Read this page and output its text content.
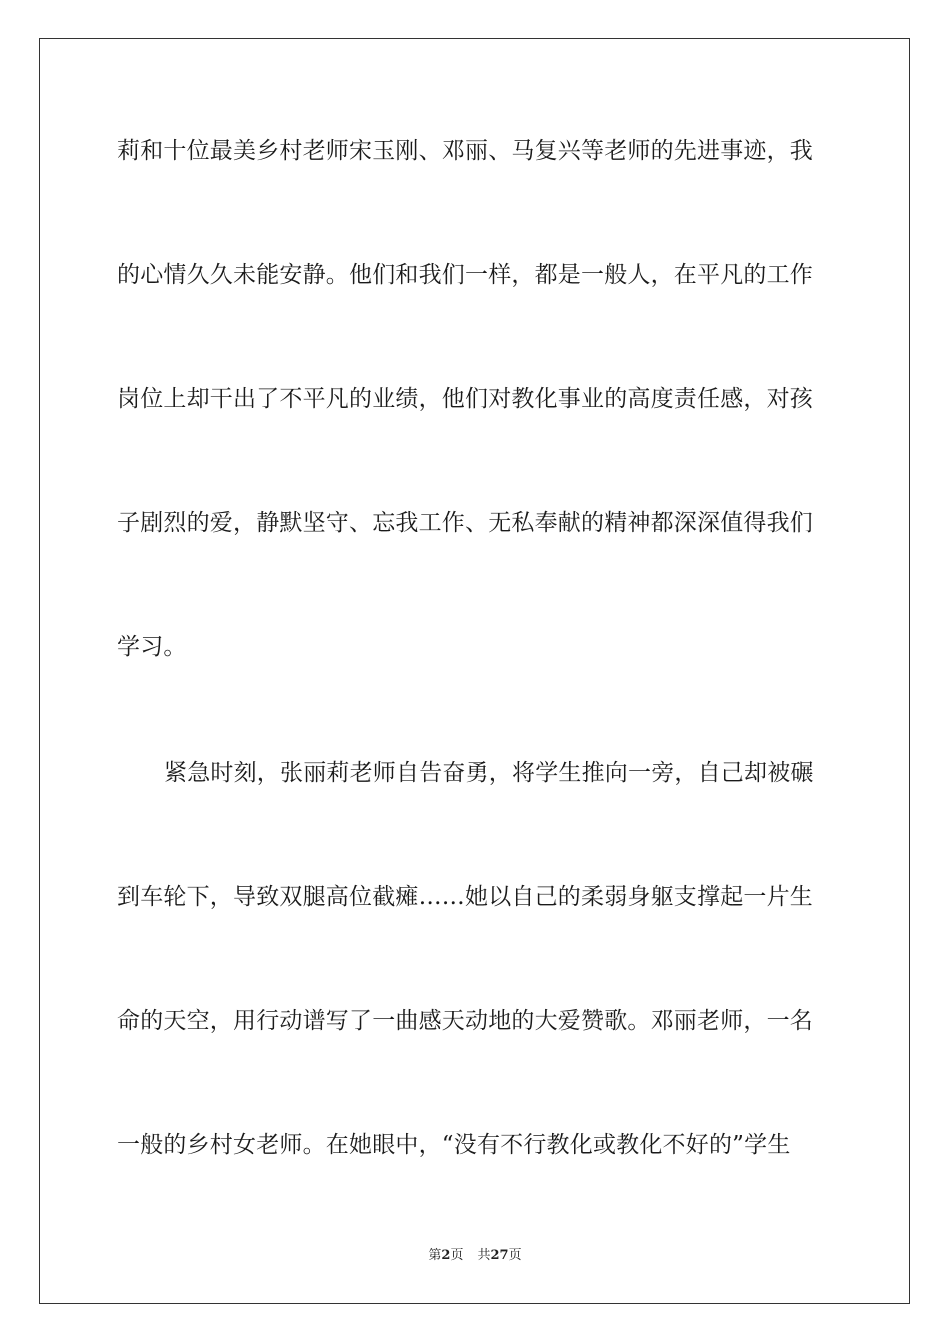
莉和十位最美乡村老师宋玉刚、邓丽、马复兴等老师的先进事迹，我
的心情久久未能安静。他们和我们一样，都是一般人，在平凡的工作
岗位上却干出了不平凡的业绩，他们对教化事业的高度责任感，对孩
子剧烈的爱，静默坚守、忘我工作、无私奉献的精神都深深值得我们
学习。
紧急时刻，张丽莉老师自告奋勇，将学生推向一旁，自己却被碾
到车轮下，导致双腿高位截瘫……她以自己的柔弱身躯支撑起一片生
命的天空，用行动谱写了一曲感天动地的大爱赞歌。邓丽老师，一名
一般的乡村女老师。在她眼中，“没有不行教化或教化不好的”学生
第2页 共27页
